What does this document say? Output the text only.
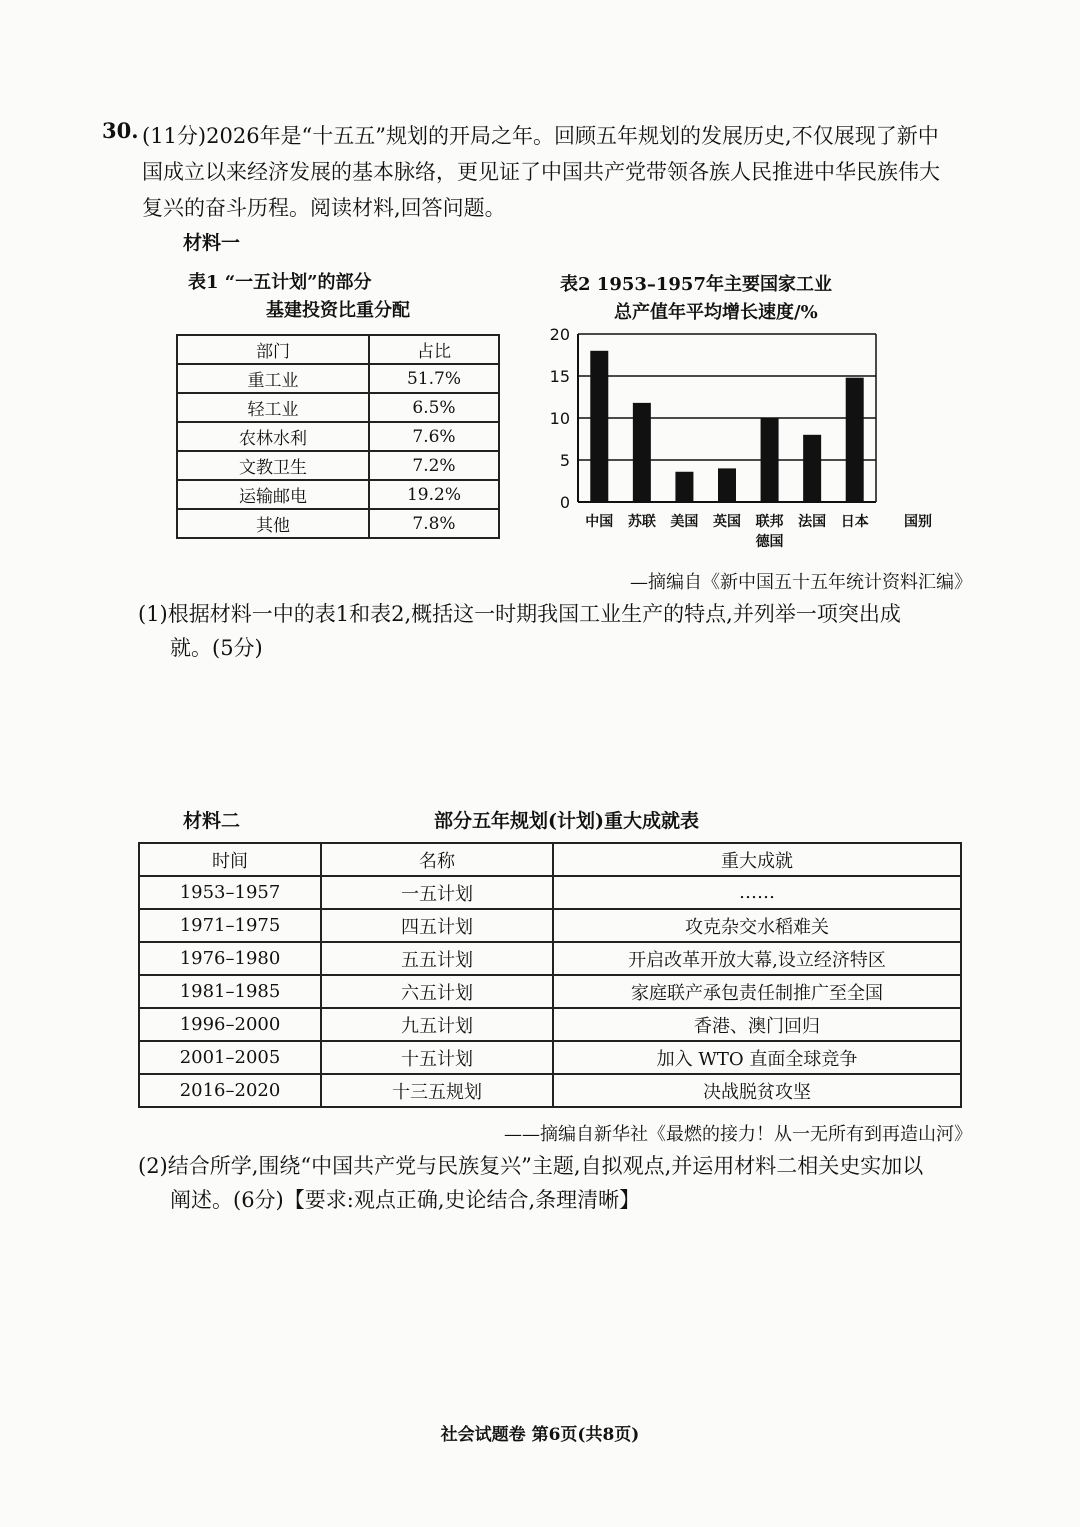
30. (11分)2026年是“十五五”规划的开局之年。回顾五年规划的发展历史,不仅展现了新中
国成立以来经济发展的基本脉络，更见证了中国共产党带领各族人民推进中华民族伟大
复兴的奋斗历程。阅读材料,回答问题。
材料一
表1 “一五计划”的部分
基建投资比重分配
部门	占比
重工业	51.7%
轻工业	6.5%
农林水利	7.6%
文教卫生	7.2%
运输邮电	19.2%
其他	7.8%
表2 1953–1957年主要国家工业
总产值年平均增长速度/%
0
5
10
15
20
中国 苏联 美国 英国 联邦
德国
法国 日本	国别
—摘编自《新中国五十五年统计资料汇编》
(1)根据材料一中的表1和表2,概括这一时期我国工业生产的特点,并列举一项突出成
就。(5分)
材料二	部分五年规划(计划)重大成就表
时间	名称	重大成就
1953–1957	一五计划	……
1971–1975	四五计划	攻克杂交水稻难关
1976–1980	五五计划	开启改革开放大幕,设立经济特区
1981–1985	六五计划	家庭联产承包责任制推广至全国
1996–2000	九五计划	香港、澳门回归
2001–2005	十五计划	加入 WTO 直面全球竞争
2016–2020	十三五规划	决战脱贫攻坚
——摘编自新华社《最燃的接力！从一无所有到再造山河》
(2)结合所学,围绕“中国共产党与民族复兴”主题,自拟观点,并运用材料二相关史实加以
阐述。(6分)【要求:观点正确,史论结合,条理清晰】
社会试题卷 第6页(共8页)
